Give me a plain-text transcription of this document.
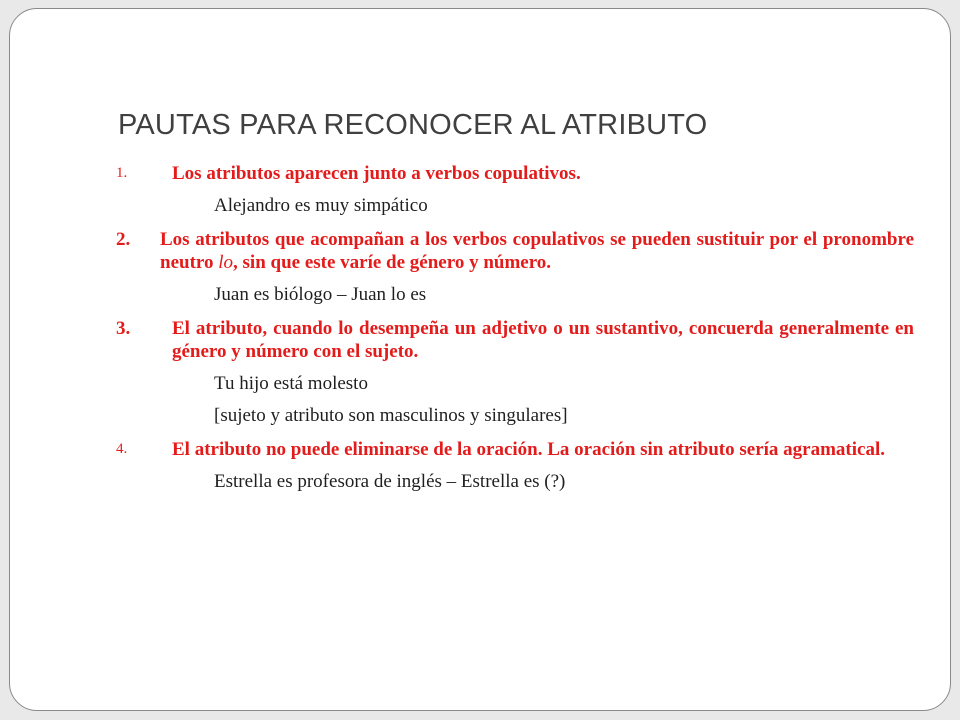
PAUTAS PARA RECONOCER AL ATRIBUTO
1.	Los atributos aparecen junto a verbos copulativos.
Alejandro es muy simpático
2. Los atributos que acompañan a los verbos copulativos se pueden sustituir por el pronombre neutro lo, sin que este varíe de género y número.
Juan es biólogo – Juan lo es
3. El atributo, cuando lo desempeña un adjetivo o un sustantivo, concuerda generalmente en género y número con el sujeto.
Tu hijo está molesto
[sujeto y atributo son masculinos y singulares]
4.	El atributo no puede eliminarse de la oración. La oración sin atributo sería agramatical.
Estrella es profesora de inglés – Estrella es (?)
